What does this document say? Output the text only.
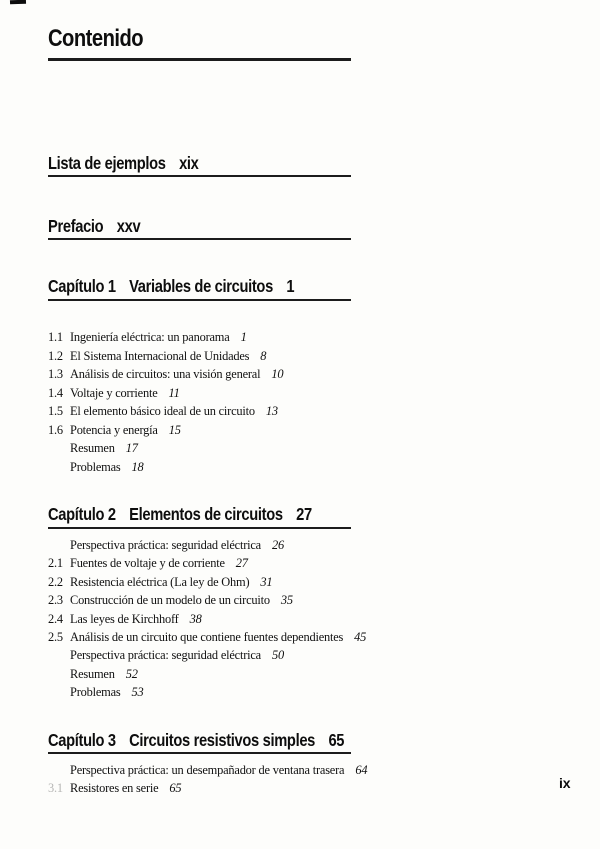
Contenido
Lista de ejemplos xix
Prefacio xxv
Capítulo 1 Variables de circuitos 1
1.1 Ingeniería eléctrica: un panorama 1
1.2 El Sistema Internacional de Unidades 8
1.3 Análisis de circuitos: una visión general 10
1.4 Voltaje y corriente 11
1.5 El elemento básico ideal de un circuito 13
1.6 Potencia y energía 15
Resumen 17
Problemas 18
Capítulo 2 Elementos de circuitos 27
Perspectiva práctica: seguridad eléctrica 26
2.1 Fuentes de voltaje y de corriente 27
2.2 Resistencia eléctrica (La ley de Ohm) 31
2.3 Construcción de un modelo de un circuito 35
2.4 Las leyes de Kirchhoff 38
2.5 Análisis de un circuito que contiene fuentes dependientes 45
Perspectiva práctica: seguridad eléctrica 50
Resumen 52
Problemas 53
Capítulo 3 Circuitos resistivos simples 65
Perspectiva práctica: un desempañador de ventana trasera 64
3.1 Resistores en serie 65	ix
